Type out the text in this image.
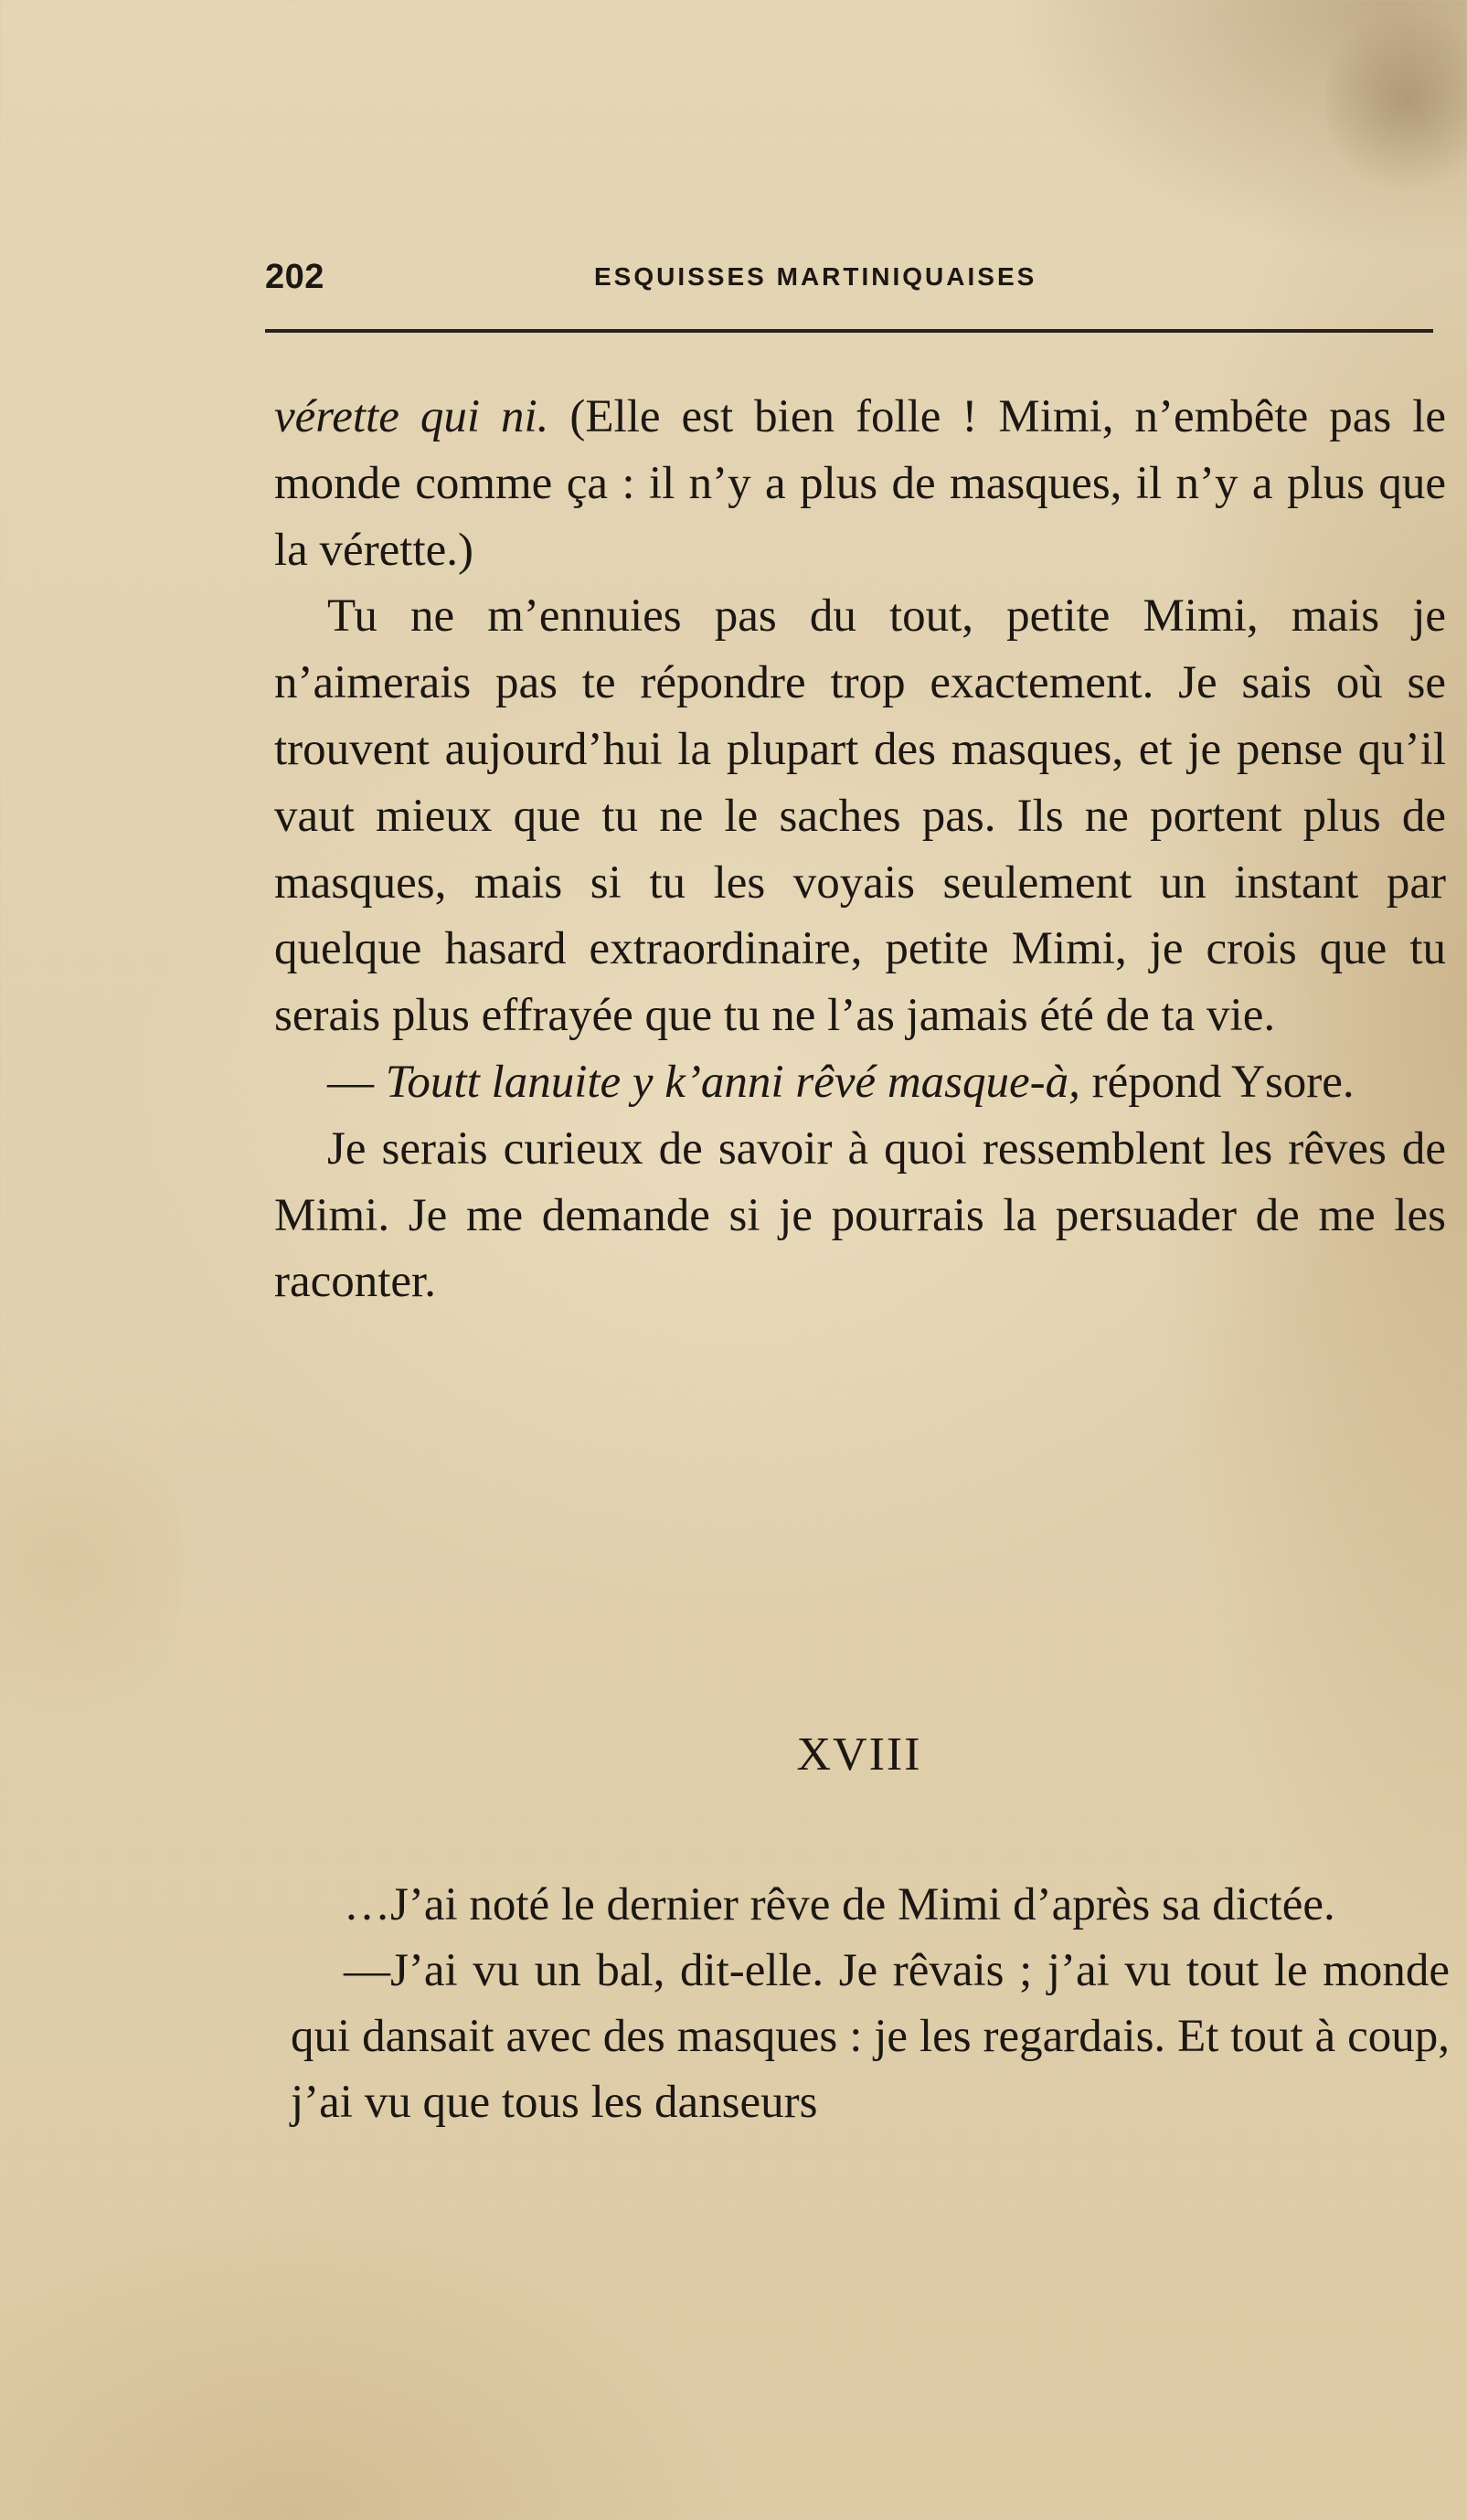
202	ESQUISSES MARTINIQUAISES

vérette qui ni. (Elle est bien folle ! Mimi, n’embête pas le monde comme ça : il n’y a plus de masques, il n’y a plus que la vérette.)

Tu ne m’ennuies pas du tout, petite Mimi, mais je n’aimerais pas te répondre trop exactement. Je sais où se trouvent aujourd’hui la plupart des masques, et je pense qu’il vaut mieux que tu ne le saches pas. Ils ne portent plus de masques, mais si tu les voyais seulement un instant par quelque hasard extraordinaire, petite Mimi, je crois que tu serais plus effrayée que tu ne l’as jamais été de ta vie.

— Toutt lanuite y k’anni rêvé masque-à, répond Ysore.

Je serais curieux de savoir à quoi ressemblent les rêves de Mimi. Je me demande si je pourrais la persuader de me les raconter.

XVIII

…J’ai noté le dernier rêve de Mimi d’après sa dictée.

—J’ai vu un bal, dit-elle. Je rêvais ; j’ai vu tout le monde qui dansait avec des masques : je les regardais. Et tout à coup, j’ai vu que tous les danseurs
